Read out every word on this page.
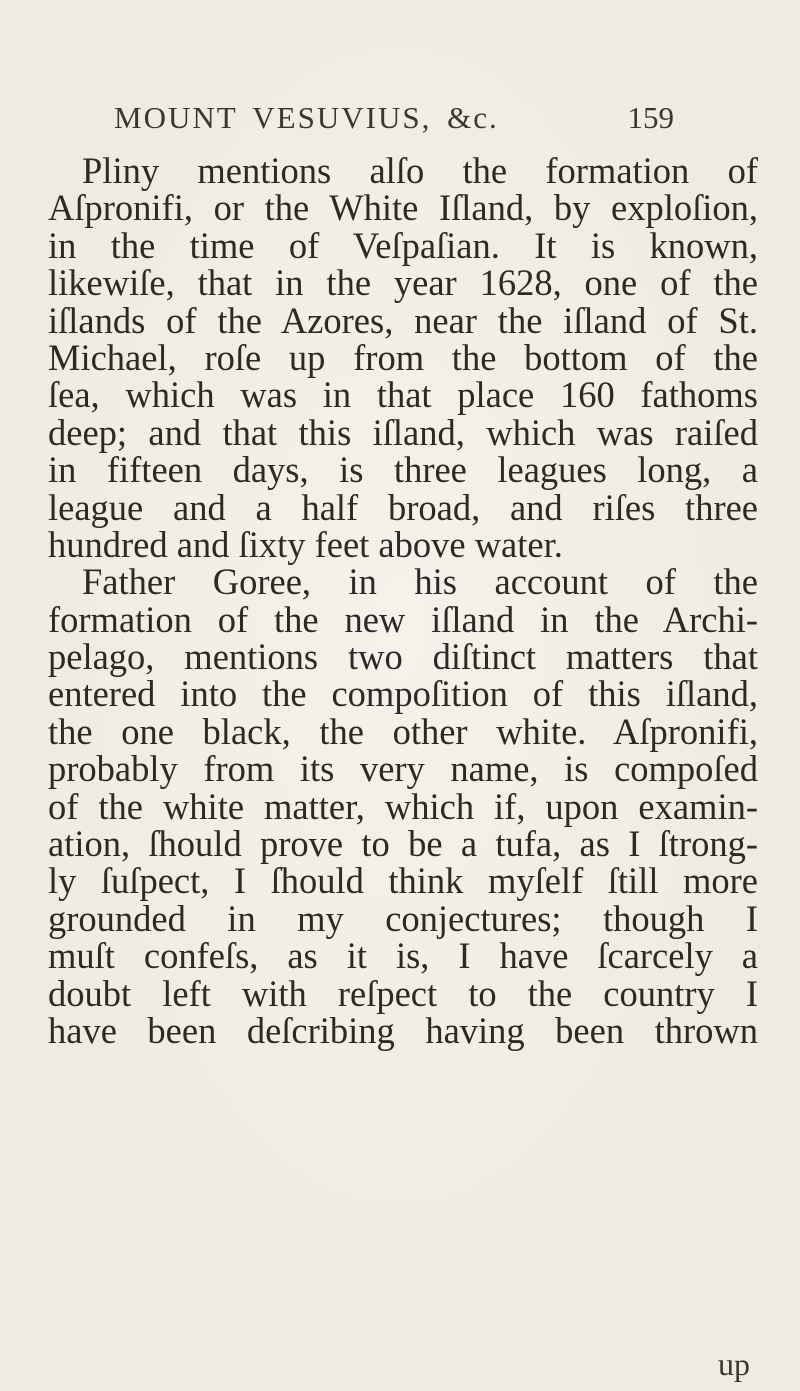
MOUNT VESUVIUS, &c.	159
Pliny mentions alſo the formation of
Aſpronifi, or the White Iſland, by exploſion,
in the time of Veſpaſian. It is known,
likewiſe, that in the year 1628, one of the
iſlands of the Azores, near the iſland of St.
Michael, roſe up from the bottom of the
ſea, which was in that place 160 fathoms
deep; and that this iſland, which was raiſed
in fifteen days, is three leagues long, a
league and a half broad, and riſes three
hundred and ſixty feet above water.
Father Goree, in his account of the
formation of the new iſland in the Archi-
pelago, mentions two diſtinct matters that
entered into the compoſition of this iſland,
the one black, the other white. Aſpronifi,
probably from its very name, is compoſed
of the white matter, which if, upon examin-
ation, ſhould prove to be a tufa, as I ſtrong-
ly ſuſpect, I ſhould think myſelf ſtill more
grounded in my conjectures; though I
muſt confeſs, as it is, I have ſcarcely a
doubt left with reſpect to the country I
have been deſcribing having been thrown
up
